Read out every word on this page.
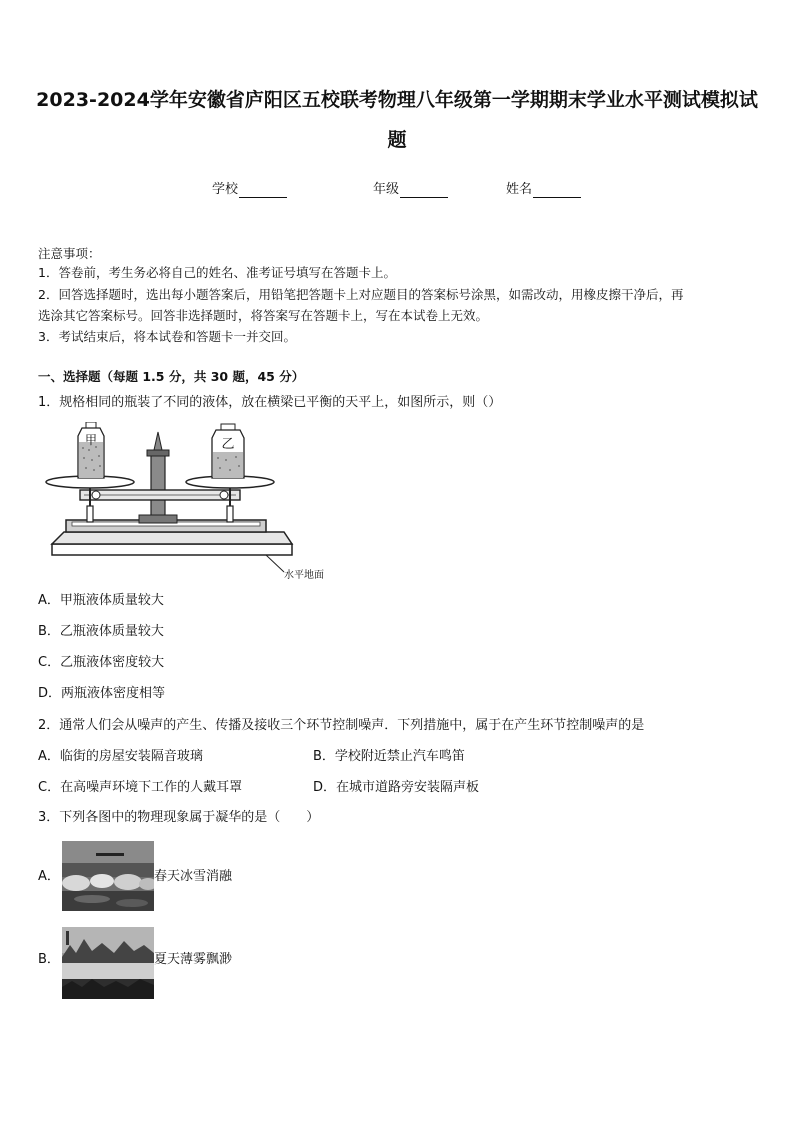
2023-2024学年安徽省庐阳区五校联考物理八年级第一学期期末学业水平测试模拟试
题
学校	年级	姓名
注意事项：
1．答卷前，考生务必将自己的姓名、准考证号填写在答题卡上。
2．回答选择题时，选出每小题答案后，用铅笔把答题卡上对应题目的答案标号涂黑，如需改动，用橡皮擦干净后，再
选涂其它答案标号。回答非选择题时，将答案写在答题卡上，写在本试卷上无效。
3．考试结束后，将本试卷和答题卡一并交回。
一、选择题（每题 1.5 分，共 30 题，45 分）
1．规格相同的瓶装了不同的液体，放在横梁已平衡的天平上，如图所示，则（）
甲	乙
水平地面
A．甲瓶液体质量较大
B．乙瓶液体质量较大
C．乙瓶液体密度较大
D．两瓶液体密度相等
2．通常人们会从噪声的产生、传播及接收三个环节控制噪声．下列措施中，属于在产生环节控制噪声的是
A．临街的房屋安装隔音玻璃	B．学校附近禁止汽车鸣笛
C．在高噪声环境下工作的人戴耳罩	D．在城市道路旁安装隔声板
3．下列各图中的物理现象属于凝华的是（　　）
A．	春天冰雪消融
B．	夏天薄雾飘渺
